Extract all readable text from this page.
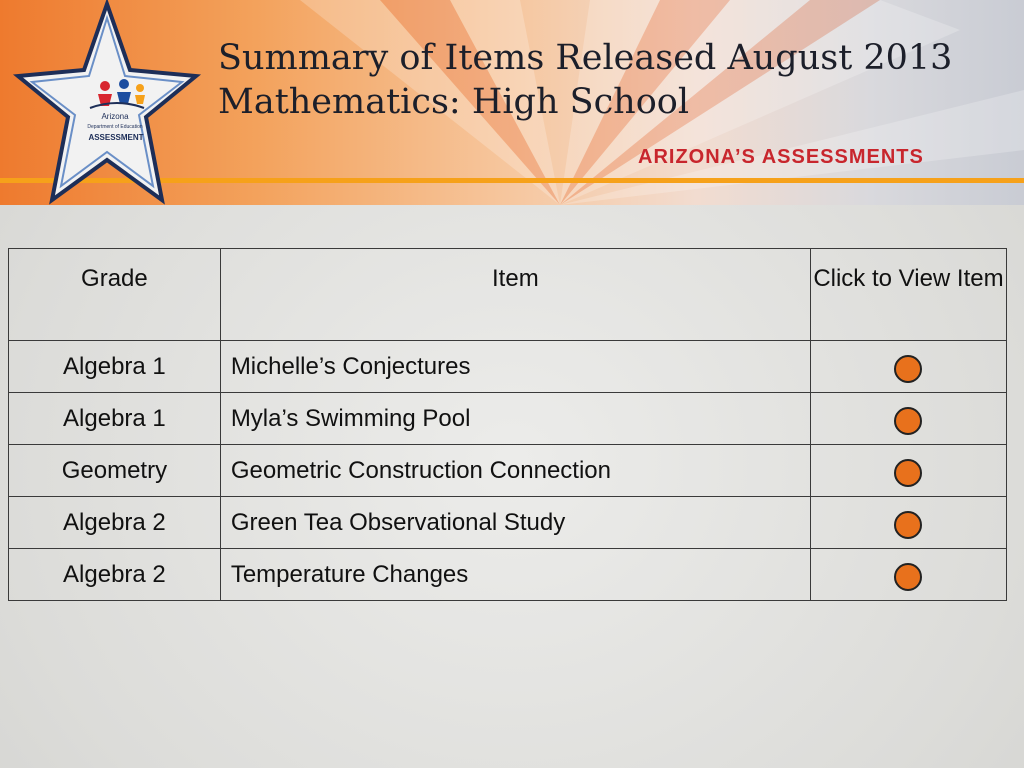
Arizona
Department of Education
ASSESSMENT
Summary of Items Released August 2013
Mathematics: High School
ARIZONA’S ASSESSMENTS
Grade	Item	Click to View Item
Algebra 1	Michelle’s Conjectures	
Algebra 1	Myla’s Swimming Pool	
Geometry	Geometric Construction Connection	
Algebra 2	Green Tea Observational Study	
Algebra 2	Temperature Changes	
